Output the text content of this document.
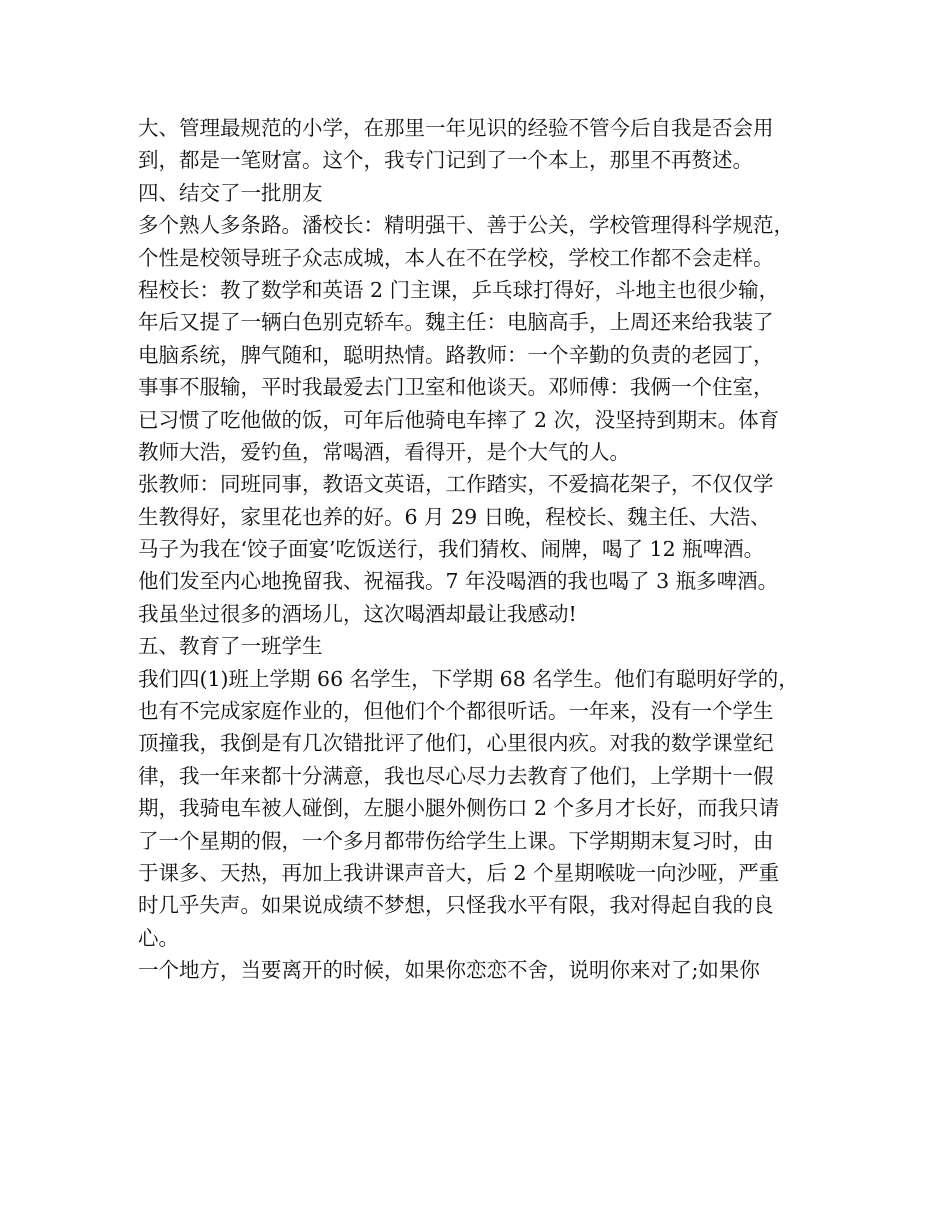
大、管理最规范的小学，在那里一年见识的经验不管今后自我是否会用
到，都是一笔财富。这个，我专门记到了一个本上，那里不再赘述。
四、结交了一批朋友
多个熟人多条路。潘校长：精明强干、善于公关，学校管理得科学规范，
个性是校领导班子众志成城，本人在不在学校，学校工作都不会走样。
程校长：教了数学和英语 2 门主课，乒乓球打得好，斗地主也很少输，
年后又提了一辆白色别克轿车。魏主任：电脑高手，上周还来给我装了
电脑系统，脾气随和，聪明热情。路教师：一个辛勤的负责的老园丁，
事事不服输，平时我最爱去门卫室和他谈天。邓师傅：我俩一个住室，
已习惯了吃他做的饭，可年后他骑电车摔了 2 次，没坚持到期末。体育
教师大浩，爱钓鱼，常喝酒，看得开，是个大气的人。
张教师：同班同事，教语文英语，工作踏实，不爱搞花架子，不仅仅学
生教得好，家里花也养的好。6 月 29 日晚，程校长、魏主任、大浩、
马子为我在‘饺子面宴’吃饭送行，我们猜枚、闹牌，喝了 12 瓶啤酒。
他们发至内心地挽留我、祝福我。7 年没喝酒的我也喝了 3 瓶多啤酒。
我虽坐过很多的酒场儿，这次喝酒却最让我感动!
五、教育了一班学生
我们四(1)班上学期 66 名学生，下学期 68 名学生。他们有聪明好学的，
也有不完成家庭作业的，但他们个个都很听话。一年来，没有一个学生
顶撞我，我倒是有几次错批评了他们，心里很内疚。对我的数学课堂纪
律，我一年来都十分满意，我也尽心尽力去教育了他们，上学期十一假
期，我骑电车被人碰倒，左腿小腿外侧伤口 2 个多月才长好，而我只请
了一个星期的假，一个多月都带伤给学生上课。下学期期末复习时，由
于课多、天热，再加上我讲课声音大，后 2 个星期喉咙一向沙哑，严重
时几乎失声。如果说成绩不梦想，只怪我水平有限，我对得起自我的良
心。
一个地方，当要离开的时候，如果你恋恋不舍，说明你来对了;如果你
